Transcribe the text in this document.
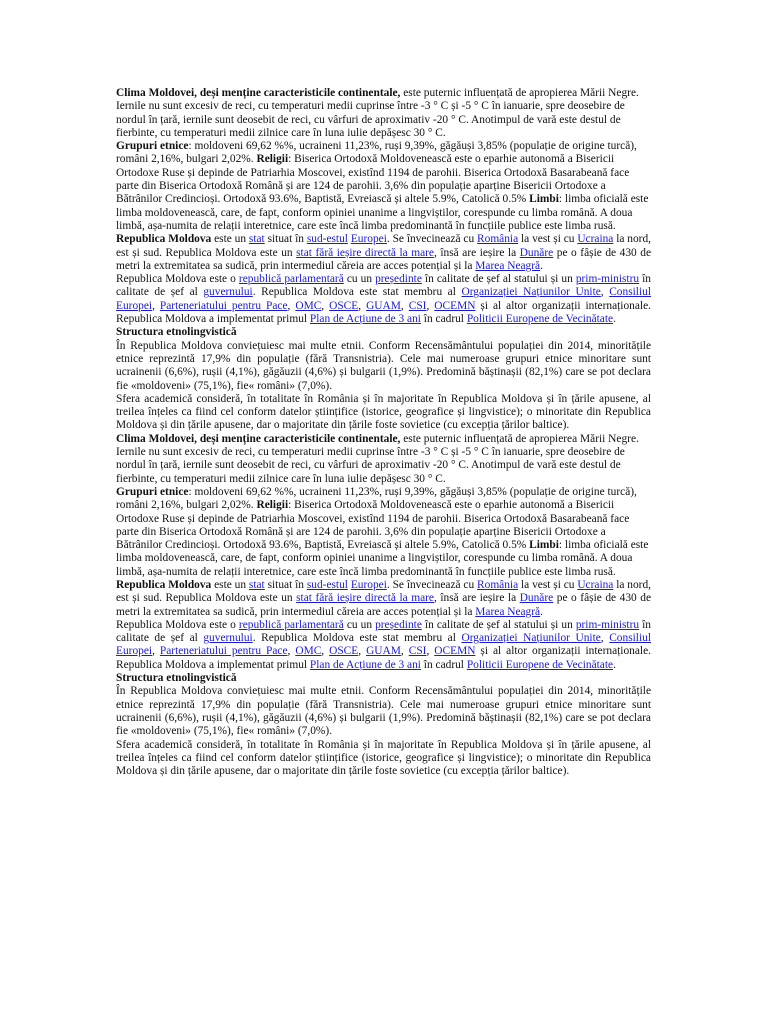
Clima Moldovei, deși menține caracteristicile continentale, este puternic influențată de apropierea Mării Negre. Iernile nu sunt excesiv de reci, cu temperaturi medii cuprinse între -3 ° C și -5 ° C în ianuarie, spre deosebire de nordul în țară, iernile sunt deosebit de reci, cu vârfuri de aproximativ -20 ° C. Anotimpul de vară este destul de fierbinte, cu temperaturi medii zilnice care în luna iulie depășesc 30 ° C.

Grupuri etnice: moldoveni 69,62 %%, ucraineni 11,23%, ruși 9,39%, găgăuși 3,85% (populație de origine turcă), români 2,16%, bulgari 2,02%. Religii: Biserica Ortodoxă Moldovenească este o eparhie autonomă a Bisericii Ortodoxe Ruse și depinde de Patriarhia Moscovei, existînd 1194 de parohii. Biserica Ortodoxă Basarabeană face parte din Biserica Ortodoxă Română și are 124 de parohii. 3,6% din populație aparține Bisericii Ortodoxe a Bătrânilor Credincioși. Ortodoxă 93.6%, Baptistă, Evreiască și altele 5.9%, Catolică 0.5% Limbi: limba oficială este limba moldovenească, care, de fapt, conform opiniei unanime a lingviștilor, corespunde cu limba română. A doua limbă, așa-numita de relații interetnice, care este încă limba predominantă în funcțiile publice este limba rusă.

Republica Moldova este un stat situat în sud-estul Europei. Se învecinează cu România la vest și cu Ucraina la nord, est și sud. Republica Moldova este un stat fără ieșire directă la mare, însă are ieșire la Dunăre pe o fâșie de 430 de metri la extremitatea sa sudică, prin intermediul căreia are acces potențial și la Marea Neagră.

Republica Moldova este o republică parlamentară cu un președinte în calitate de șef al statului și un prim-ministru în calitate de șef al guvernului. Republica Moldova este stat membru al Organizației Națiunilor Unite, Consiliul Europei, Parteneriatului pentru Pace, OMC, OSCE, GUAM, CSI, OCEMN și al altor organizații internaționale. Republica Moldova a implementat primul Plan de Acțiune de 3 ani în cadrul Politicii Europene de Vecinătate.

Structura etnolingvistică

În Republica Moldova conviețuiesc mai multe etnii. Conform Recensământului populației din 2014, minoritățile etnice reprezintă 17,9% din populație (fără Transnistria). Cele mai numeroase grupuri etnice minoritare sunt ucrainenii (6,6%), rușii (4,1%), găgăuzii (4,6%) și bulgarii (1,9%). Predomină băștinașii (82,1%) care se pot declara fie «moldoveni» (75,1%), fie« români» (7,0%).

Sfera academică consideră, în totalitate în România și în majoritate în Republica Moldova și în țările apusene, al treilea înțeles ca fiind cel conform datelor științifice (istorice, geografice și lingvistice); o minoritate din Republica Moldova și din țările apusene, dar o majoritate din țările foste sovietice (cu excepția țărilor baltice).

Clima Moldovei, deși menține caracteristicile continentale, este puternic influențată de apropierea Mării Negre. Iernile nu sunt excesiv de reci, cu temperaturi medii cuprinse între -3 ° C și -5 ° C în ianuarie, spre deosebire de nordul în țară, iernile sunt deosebit de reci, cu vârfuri de aproximativ -20 ° C. Anotimpul de vară este destul de fierbinte, cu temperaturi medii zilnice care în luna iulie depășesc 30 ° C.

Grupuri etnice: moldoveni 69,62 %%, ucraineni 11,23%, ruși 9,39%, găgăuși 3,85% (populație de origine turcă), români 2,16%, bulgari 2,02%. Religii: Biserica Ortodoxă Moldovenească este o eparhie autonomă a Bisericii Ortodoxe Ruse și depinde de Patriarhia Moscovei, existînd 1194 de parohii. Biserica Ortodoxă Basarabeană face parte din Biserica Ortodoxă Română și are 124 de parohii. 3,6% din populație aparține Bisericii Ortodoxe a Bătrânilor Credincioși. Ortodoxă 93.6%, Baptistă, Evreiască și altele 5.9%, Catolică 0.5% Limbi: limba oficială este limba moldovenească, care, de fapt, conform opiniei unanime a lingviștilor, corespunde cu limba română. A doua limbă, așa-numita de relații interetnice, care este încă limba predominantă în funcțiile publice este limba rusă.

Republica Moldova este un stat situat în sud-estul Europei. Se învecinează cu România la vest și cu Ucraina la nord, est și sud. Republica Moldova este un stat fără ieșire directă la mare, însă are ieșire la Dunăre pe o fâșie de 430 de metri la extremitatea sa sudică, prin intermediul căreia are acces potențial și la Marea Neagră.

Republica Moldova este o republică parlamentară cu un președinte în calitate de șef al statului și un prim-ministru în calitate de șef al guvernului. Republica Moldova este stat membru al Organizației Națiunilor Unite, Consiliul Europei, Parteneriatului pentru Pace, OMC, OSCE, GUAM, CSI, OCEMN și al altor organizații internaționale. Republica Moldova a implementat primul Plan de Acțiune de 3 ani în cadrul Politicii Europene de Vecinătate.

Structura etnolingvistică

În Republica Moldova conviețuiesc mai multe etnii. Conform Recensământului populației din 2014, minoritățile etnice reprezintă 17,9% din populație (fără Transnistria). Cele mai numeroase grupuri etnice minoritare sunt ucrainenii (6,6%), rușii (4,1%), găgăuzii (4,6%) și bulgarii (1,9%). Predomină băștinașii (82,1%) care se pot declara fie «moldoveni» (75,1%), fie« români» (7,0%).

Sfera academică consideră, în totalitate în România și în majoritate în Republica Moldova și în țările apusene, al treilea înțeles ca fiind cel conform datelor științifice (istorice, geografice și lingvistice); o minoritate din Republica Moldova și din țările apusene, dar o majoritate din țările foste sovietice (cu excepția țărilor baltice).
